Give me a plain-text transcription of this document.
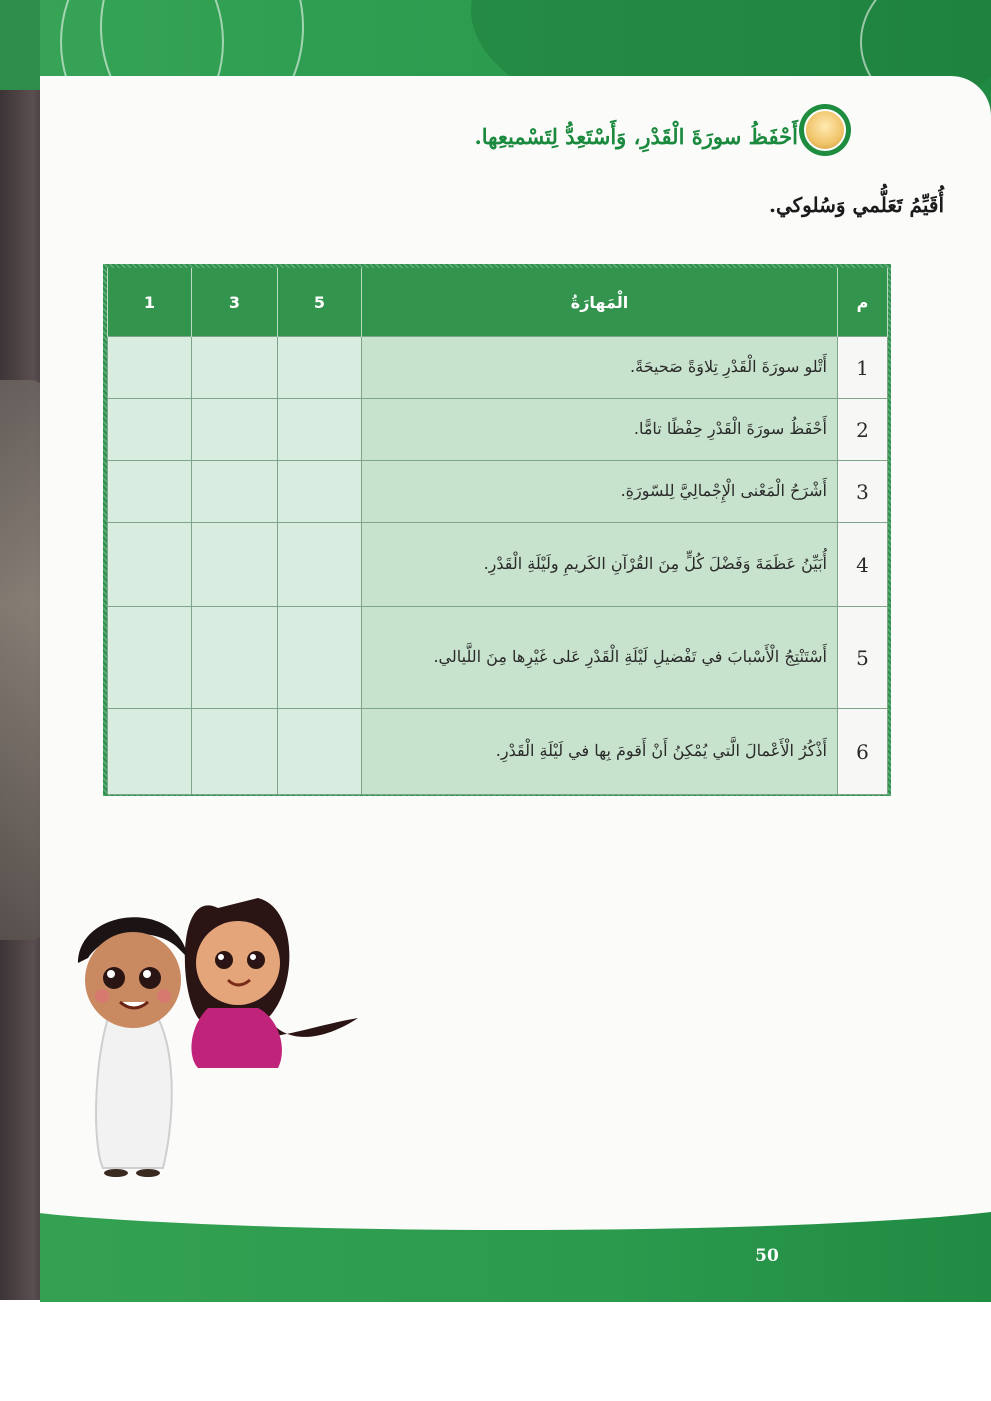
50
أَحْفَظُ سورَةَ الْقَدْرِ، وَأَسْتَعِدُّ لِتَسْميعِها.
أُقَيِّمُ تَعَلُّمي وَسُلوكي.
م	الْمَهارَةُ	5	3	1
1	أَتْلو سورَةَ الْقَدْرِ تِلاوَةً صَحيحَةً.			
2	أَحْفَظُ سورَةَ الْقَدْرِ حِفْظًا تامًّا.			
3	أَشْرَحُ الْمَعْنى الْإِجْمالِيَّ لِلسّورَةِ.			
4	أُبَيِّنُ عَظَمَةَ وَفَضْلَ كُلٍّ مِنَ القُرْآنِ الكَريمِ ولَيْلَةِ الْقَدْرِ.			
5	أَسْتَنْتِجُ الْأَسْبابَ في تَفْضيلِ لَيْلَةِ الْقَدْرِ عَلى غَيْرِها مِنَ اللَّيالي.			
6	أَذْكُرُ الْأَعْمالَ الَّتي يُمْكِنُ أَنْ أَقومَ بِها في لَيْلَةِ الْقَدْرِ.			
